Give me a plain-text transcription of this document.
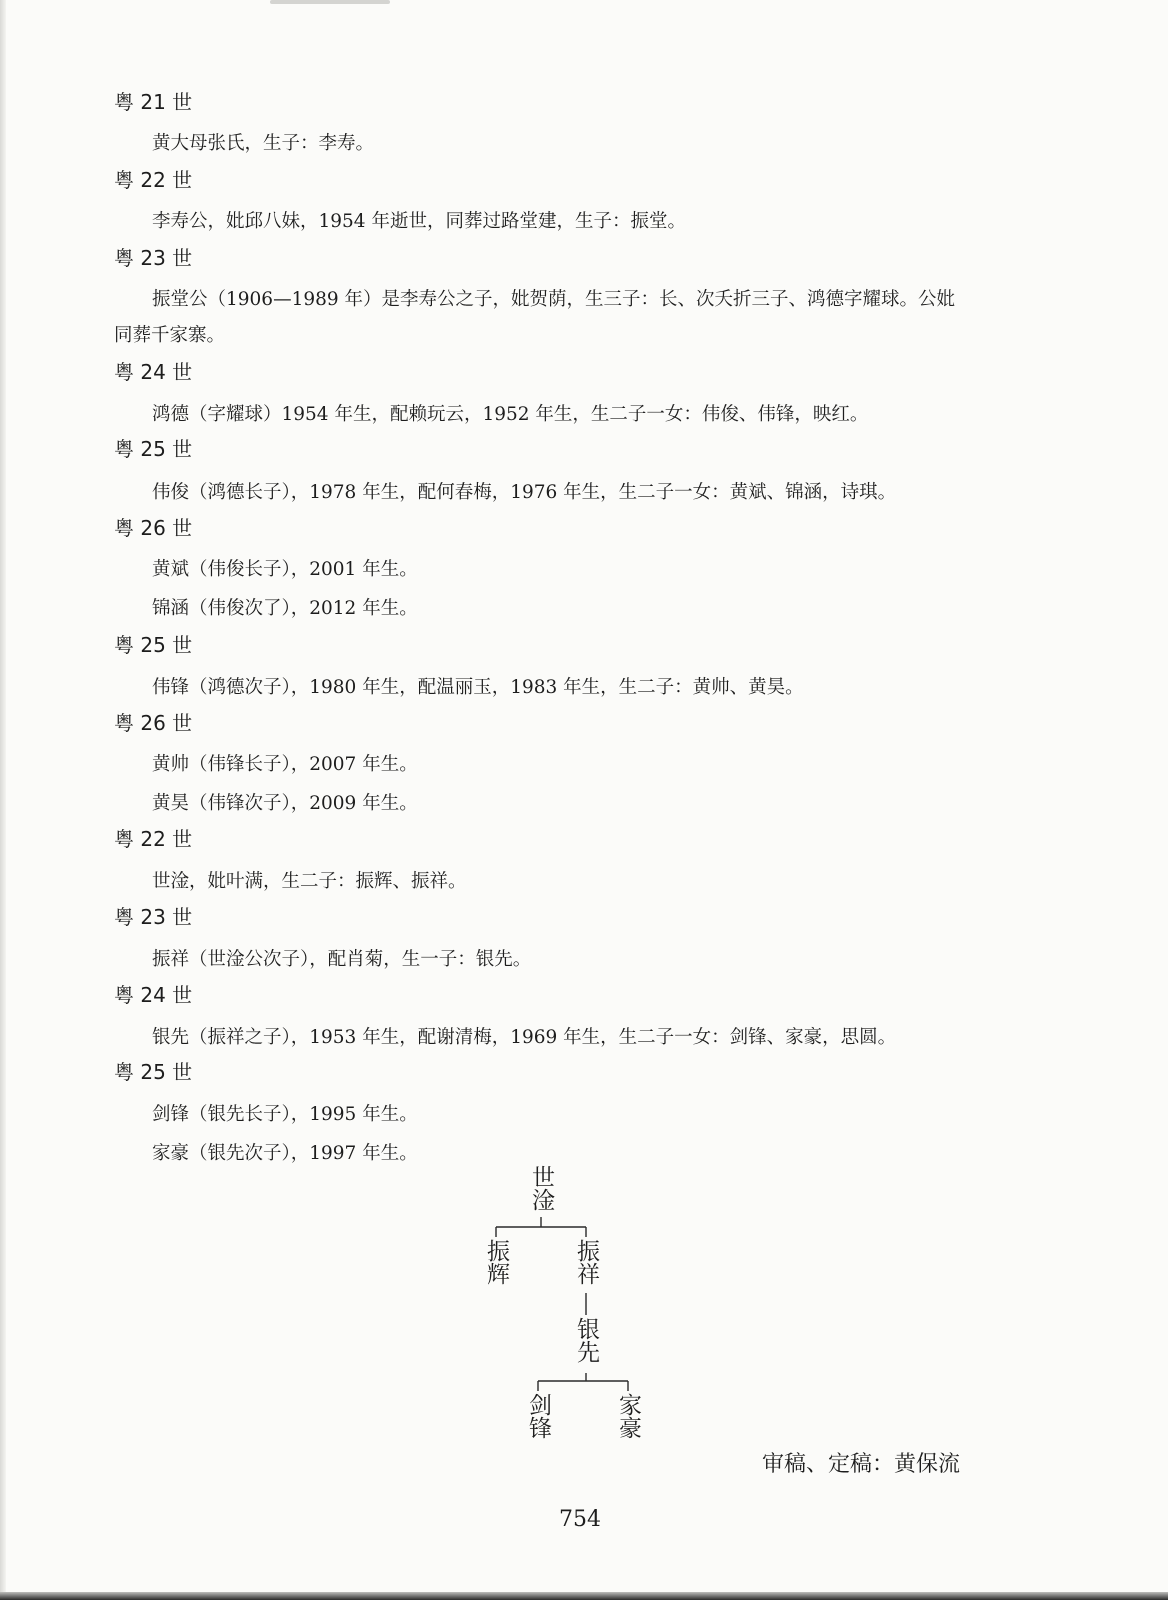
粤 21 世
黄大母张氏，生子：李寿。
粤 22 世
李寿公，妣邱八妹，1954 年逝世，同葬过路堂建，生子：振堂。
粤 23 世
振堂公（1906—1989 年）是李寿公之子，妣贺荫，生三子：长、次夭折三子、鸿德字耀球。公妣
同葬千家寨。
粤 24 世
鸿德（字耀球）1954 年生，配赖玩云，1952 年生，生二子一女：伟俊、伟锋，映红。
粤 25 世
伟俊（鸿德长子），1978 年生，配何春梅，1976 年生，生二子一女：黄斌、锦涵，诗琪。
粤 26 世
黄斌（伟俊长子），2001 年生。
锦涵（伟俊次了），2012 年生。
粤 25 世
伟锋（鸿德次子），1980 年生，配温丽玉，1983 年生，生二子：黄帅、黄昊。
粤 26 世
黄帅（伟锋长子），2007 年生。
黄昊（伟锋次子），2009 年生。
粤 22 世
世淦，妣叶满，生二子：振辉、振祥。
粤 23 世
振祥（世淦公次子），配肖菊，生一子：银先。
粤 24 世
银先（振祥之子），1953 年生，配谢清梅，1969 年生，生二子一女：剑锋、家豪，思圆。
粤 25 世
剑锋（银先长子），1995 年生。
家豪（银先次子），1997 年生。
世淦
振辉	振祥
银先
剑锋	家豪
审稿、定稿：黄保流
754
